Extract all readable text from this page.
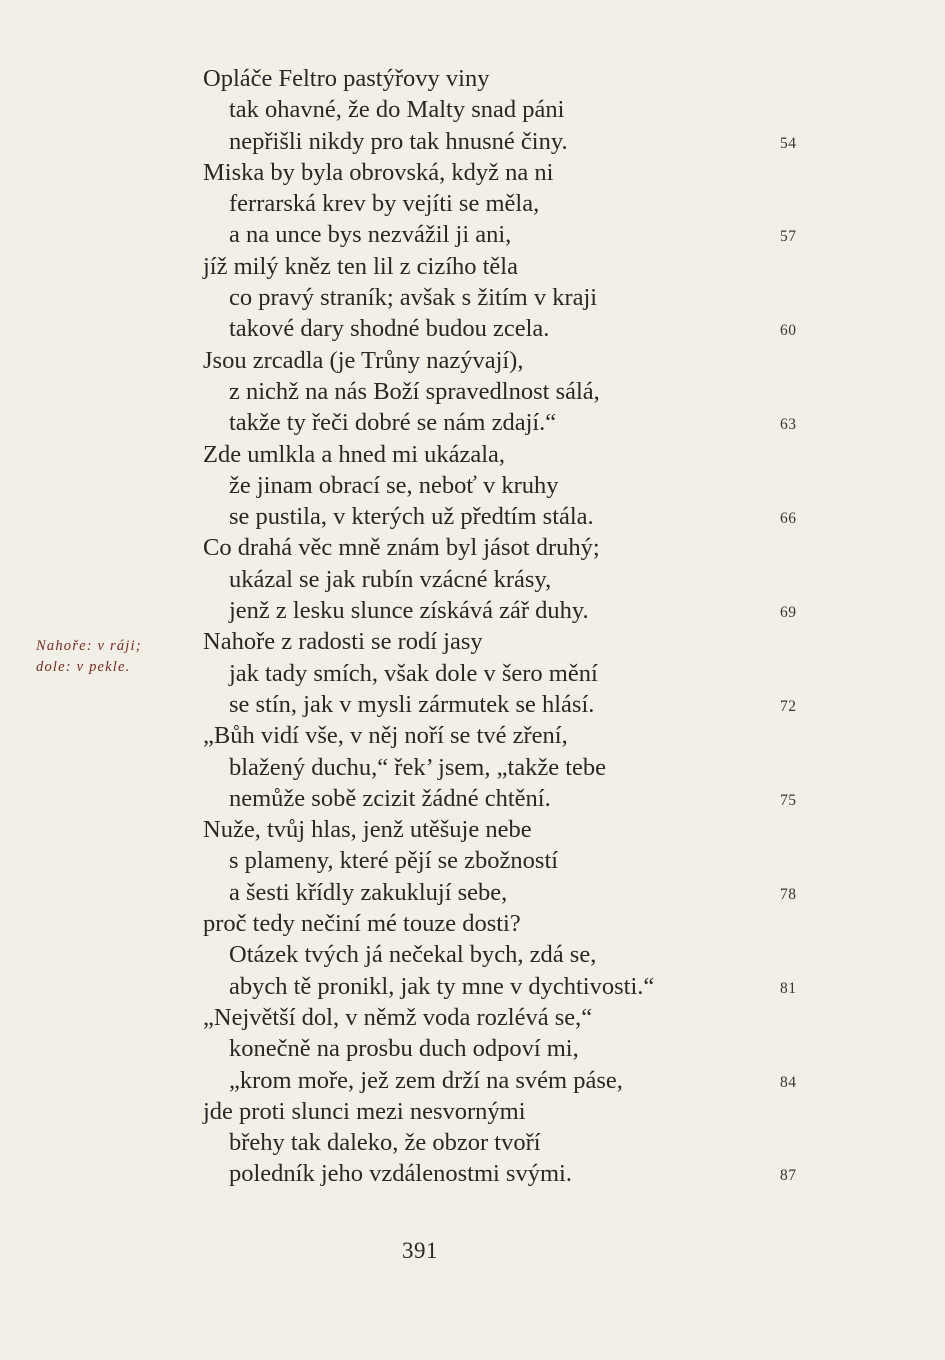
Opláče Feltro pastýřovy viny
tak ohavné, že do Malty snad páni
nepřišli nikdy pro tak hnusné činy.	54
Miska by byla obrovská, když na ni
ferrarská krev by vejíti se měla,
a na unce bys nezvážil ji ani,	57
jíž milý kněz ten lil z cizího těla
co pravý straník; avšak s žitím v kraji
takové dary shodné budou zcela.	60
Jsou zrcadla (je Trůny nazývají),
z nichž na nás Boží spravedlnost sálá,
takže ty řeči dobré se nám zdají.“	63
Zde umlkla a hned mi ukázala,
že jinam obrací se, neboť v kruhy
se pustila, v kterých už předtím stála.	66
Co drahá věc mně znám byl jásot druhý;
ukázal se jak rubín vzácné krásy,
jenž z lesku slunce získává zář duhy.	69
Nahoře z radosti se rodí jasy
jak tady smích, však dole v šero mění
se stín, jak v mysli zármutek se hlásí.	72
„Bůh vidí vše, v něj noří se tvé zření,
blažený duchu,“ řek’ jsem, „takže tebe
nemůže sobě zcizit žádné chtění.	75
Nuže, tvůj hlas, jenž utěšuje nebe
s plameny, které pějí se zbožností
a šesti křídly zakuklují sebe,	78
proč tedy nečiní mé touze dosti?
Otázek tvých já nečekal bych, zdá se,
abych tě pronikl, jak ty mne v dychtivosti.“	81
„Největší dol, v němž voda rozlévá se,“
konečně na prosbu duch odpoví mi,
„krom moře, jež zem drží na svém páse,	84
jde proti slunci mezi nesvornými
břehy tak daleko, že obzor tvoří
poledník jeho vzdálenostmi svými.	87
Nahoře: v ráji;
dole: v pekle.
391
